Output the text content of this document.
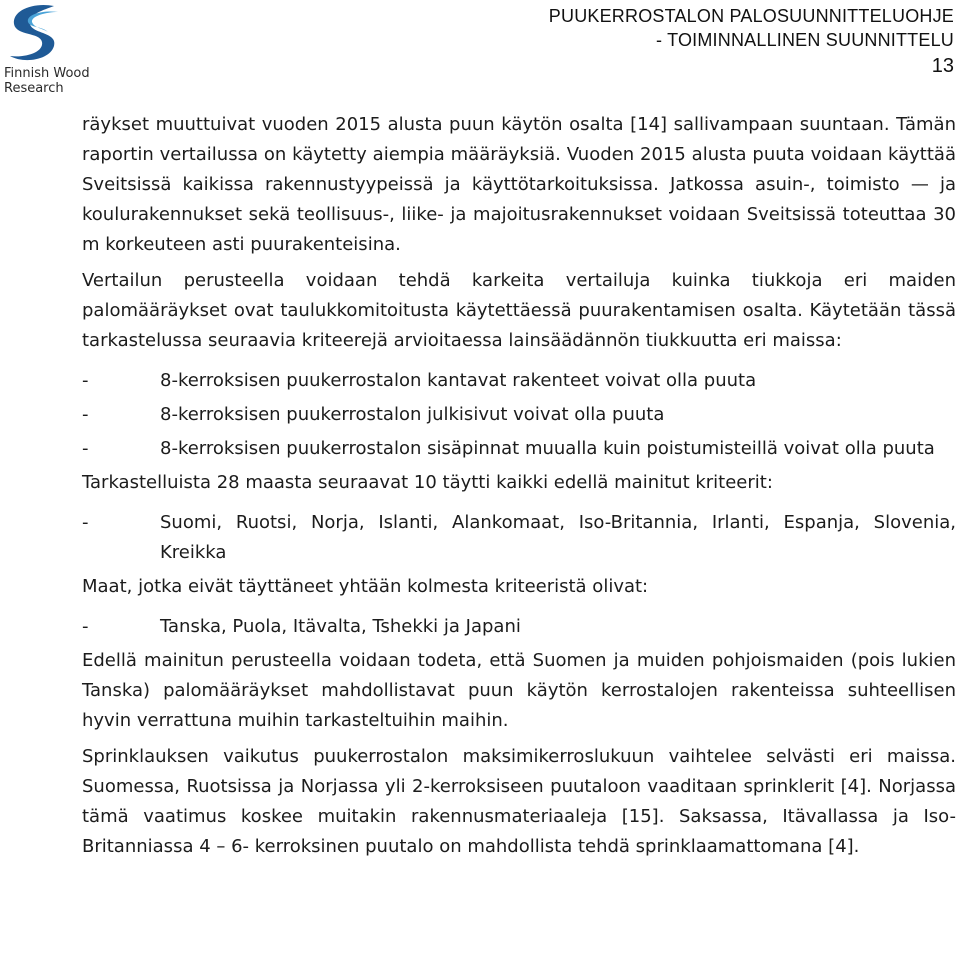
Finnish Wood
Research
PUUKERROSTALON PALOSUUNNITTELUOHJE
- TOIMINNALLINEN SUUNNITTELU
13

räykset muuttuivat vuoden 2015 alusta puun käytön osalta [14] sallivampaan suuntaan. Tämän raportin vertailussa on käytetty aiempia määräyksiä. Vuoden 2015 alusta puuta voidaan käyttää Sveitsissä kaikissa rakennustyypeissä ja käyttötarkoituksissa. Jatkossa asuin-, toimisto — ja koulurakennukset sekä teollisuus-, liike- ja majoitusrakennukset voidaan Sveitsissä toteuttaa 30 m korkeuteen asti puurakenteisina.

Vertailun perusteella voidaan tehdä karkeita vertailuja kuinka tiukkoja eri maiden palomääräykset ovat taulukkomitoitusta käytettäessä puurakentamisen osalta. Käytetään tässä tarkastelussa seuraavia kriteerejä arvioitaessa lainsäädännön tiukkuutta eri maissa:

-	8-kerroksisen puukerrostalon kantavat rakenteet voivat olla puuta
-	8-kerroksisen puukerrostalon julkisivut voivat olla puuta
-	8-kerroksisen puukerrostalon sisäpinnat muualla kuin poistumisteillä voivat olla puuta

Tarkastelluista 28 maasta seuraavat 10 täytti kaikki edellä mainitut kriteerit:

-	Suomi, Ruotsi, Norja, Islanti, Alankomaat, Iso-Britannia, Irlanti, Espanja, Slovenia, Kreikka

Maat, jotka eivät täyttäneet yhtään kolmesta kriteeristä olivat:

-	Tanska, Puola, Itävalta, Tshekki ja Japani

Edellä mainitun perusteella voidaan todeta, että Suomen ja muiden pohjoismaiden (pois lukien Tanska) palomääräykset mahdollistavat puun käytön kerrostalojen rakenteissa suhteellisen hyvin verrattuna muihin tarkasteltuihin maihin.

Sprinklauksen vaikutus puukerrostalon maksimikerroslukuun vaihtelee selvästi eri maissa. Suomessa, Ruotsissa ja Norjassa yli 2-kerroksiseen puutaloon vaaditaan sprinklerit [4]. Norjassa tämä vaatimus koskee muitakin rakennusmateriaaleja [15]. Saksassa, Itävallassa ja Iso-Britanniassa 4 – 6- kerroksinen puutalo on mahdollista tehdä sprinklaamattomana [4].
